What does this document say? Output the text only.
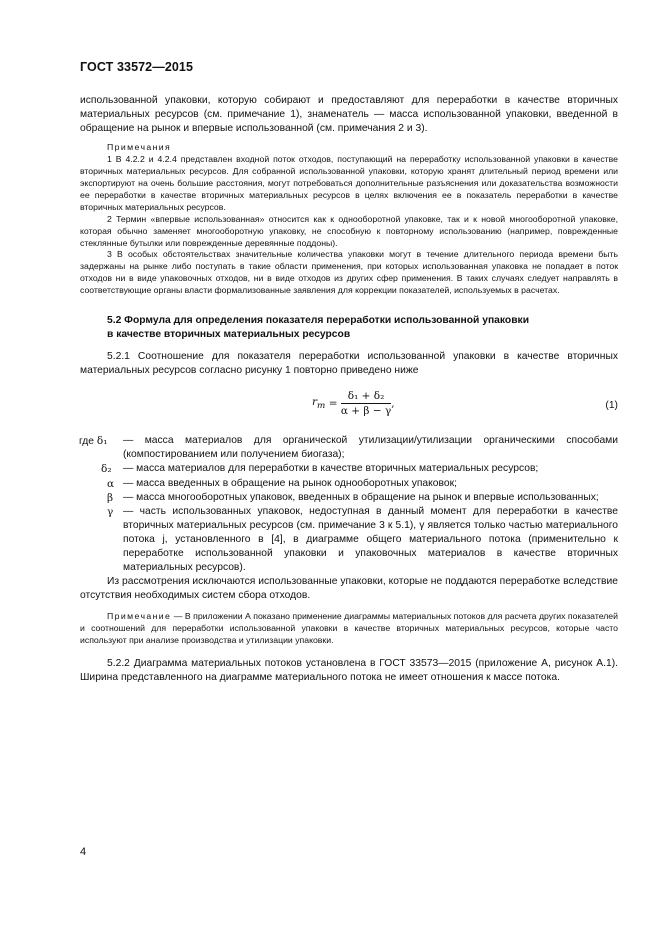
ГОСТ 33572—2015

использованной упаковки, которую собирают и предоставляют для переработки в качестве вторичных материальных ресурсов (см. примечание 1), знаменатель — масса использованной упаковки, введенной в обращение на рынок и впервые использованной (см. примечания 2 и 3).

Примечания

1 В 4.2.2 и 4.2.4 представлен входной поток отходов, поступающий на переработку использованной упаковки в качестве вторичных материальных ресурсов. Для собранной использованной упаковки, которую хранят длительный период времени или экспортируют на очень большие расстояния, могут потребоваться дополнительные разъяснения или доказательства возможности ее переработки в качестве вторичных материальных ресурсов в целях включения ее в показатель переработки в качестве вторичных материальных ресурсов.

2 Термин «впервые использованная» относится как к однооборотной упаковке, так и к новой многооборотной упаковке, которая обычно заменяет многооборотную упаковку, не способную к повторному использованию (например, поврежденные стеклянные бутылки или поврежденные деревянные поддоны).

3 В особых обстоятельствах значительные количества упаковки могут в течение длительного периода времени быть задержаны на рынке либо поступать в такие области применения, при которых использованная упаковка не попадает в поток отходов ни в виде упаковочных отходов, ни в виде отходов из других сфер применения. В таких случаях следует направлять в соответствующие органы власти формализованные заявления для коррекции показателей, используемых в расчетах.

5.2 Формула для определения показателя переработки использованной упаковки
в качестве вторичных материальных ресурсов

5.2.1 Соотношение для показателя переработки использованной упаковки в качестве вторичных материальных ресурсов согласно рисунку 1 повторно приведено ниже

$r_m = \frac{\text{δ₁ + δ₂}}{\alpha + \beta - \gamma}$ ,	(1)
где δ₁ — масса материалов для органической утилизации/утилизации органическими способами (компостированием или получением биогаза);
δ₂ — масса материалов для переработки в качестве вторичных материальных ресурсов;
α — масса введенных в обращение на рынок однооборотных упаковок;
β — масса многооборотных упаковок, введенных в обращение на рынок и впервые использованных;
γ — часть использованных упаковок, недоступная в данный момент для переработки в качестве вторичных материальных ресурсов (см. примечание 3 к 5.1), γ является только частью материального потока j, установленного в [4], в диаграмме общего материального потока (применительно к переработке использованной упаковки и упаковочных материалов в качестве вторичных материальных ресурсов).

Из рассмотрения исключаются использованные упаковки, которые не поддаются переработке вследствие отсутствия необходимых систем сбора отходов.

Примечание — В приложении А показано применение диаграммы материальных потоков для расчета других показателей и соотношений для переработки использованной упаковки в качестве вторичных материальных ресурсов, которые часто используют при анализе производства и утилизации упаковки.

5.2.2 Диаграмма материальных потоков установлена в ГОСТ 33573—2015 (приложение А, рисунок А.1). Ширина представленного на диаграмме материального потока не имеет отношения к массе потока.

4
